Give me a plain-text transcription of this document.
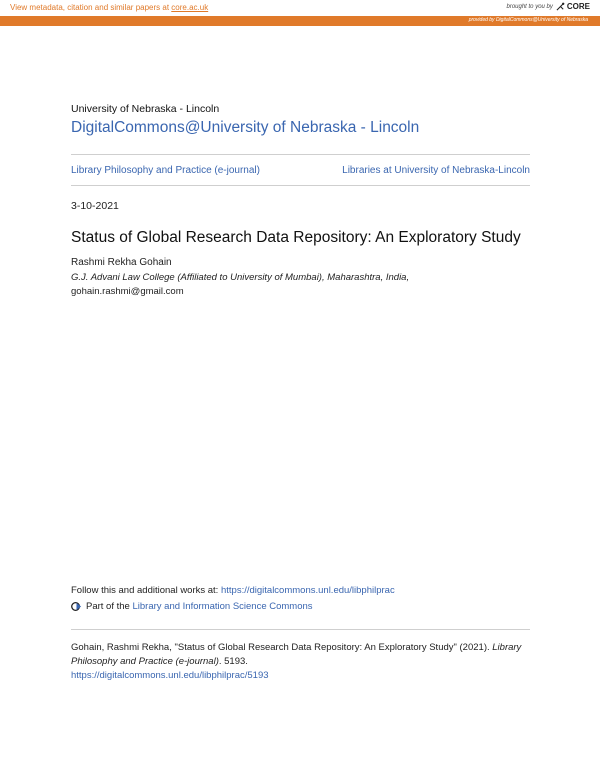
View metadata, citation and similar papers at core.ac.uk	brought to you by CORE
provided by DigitalCommons@University of Nebraska
University of Nebraska - Lincoln
DigitalCommons@University of Nebraska - Lincoln
Library Philosophy and Practice (e-journal)	Libraries at University of Nebraska-Lincoln
3-10-2021
Status of Global Research Data Repository: An Exploratory Study
Rashmi Rekha Gohain
G.J. Advani Law College (Affiliated to University of Mumbai), Maharashtra, India,
gohain.rashmi@gmail.com
Follow this and additional works at: https://digitalcommons.unl.edu/libphilprac
Part of the Library and Information Science Commons
Gohain, Rashmi Rekha, "Status of Global Research Data Repository: An Exploratory Study" (2021). Library Philosophy and Practice (e-journal). 5193.
https://digitalcommons.unl.edu/libphilprac/5193
